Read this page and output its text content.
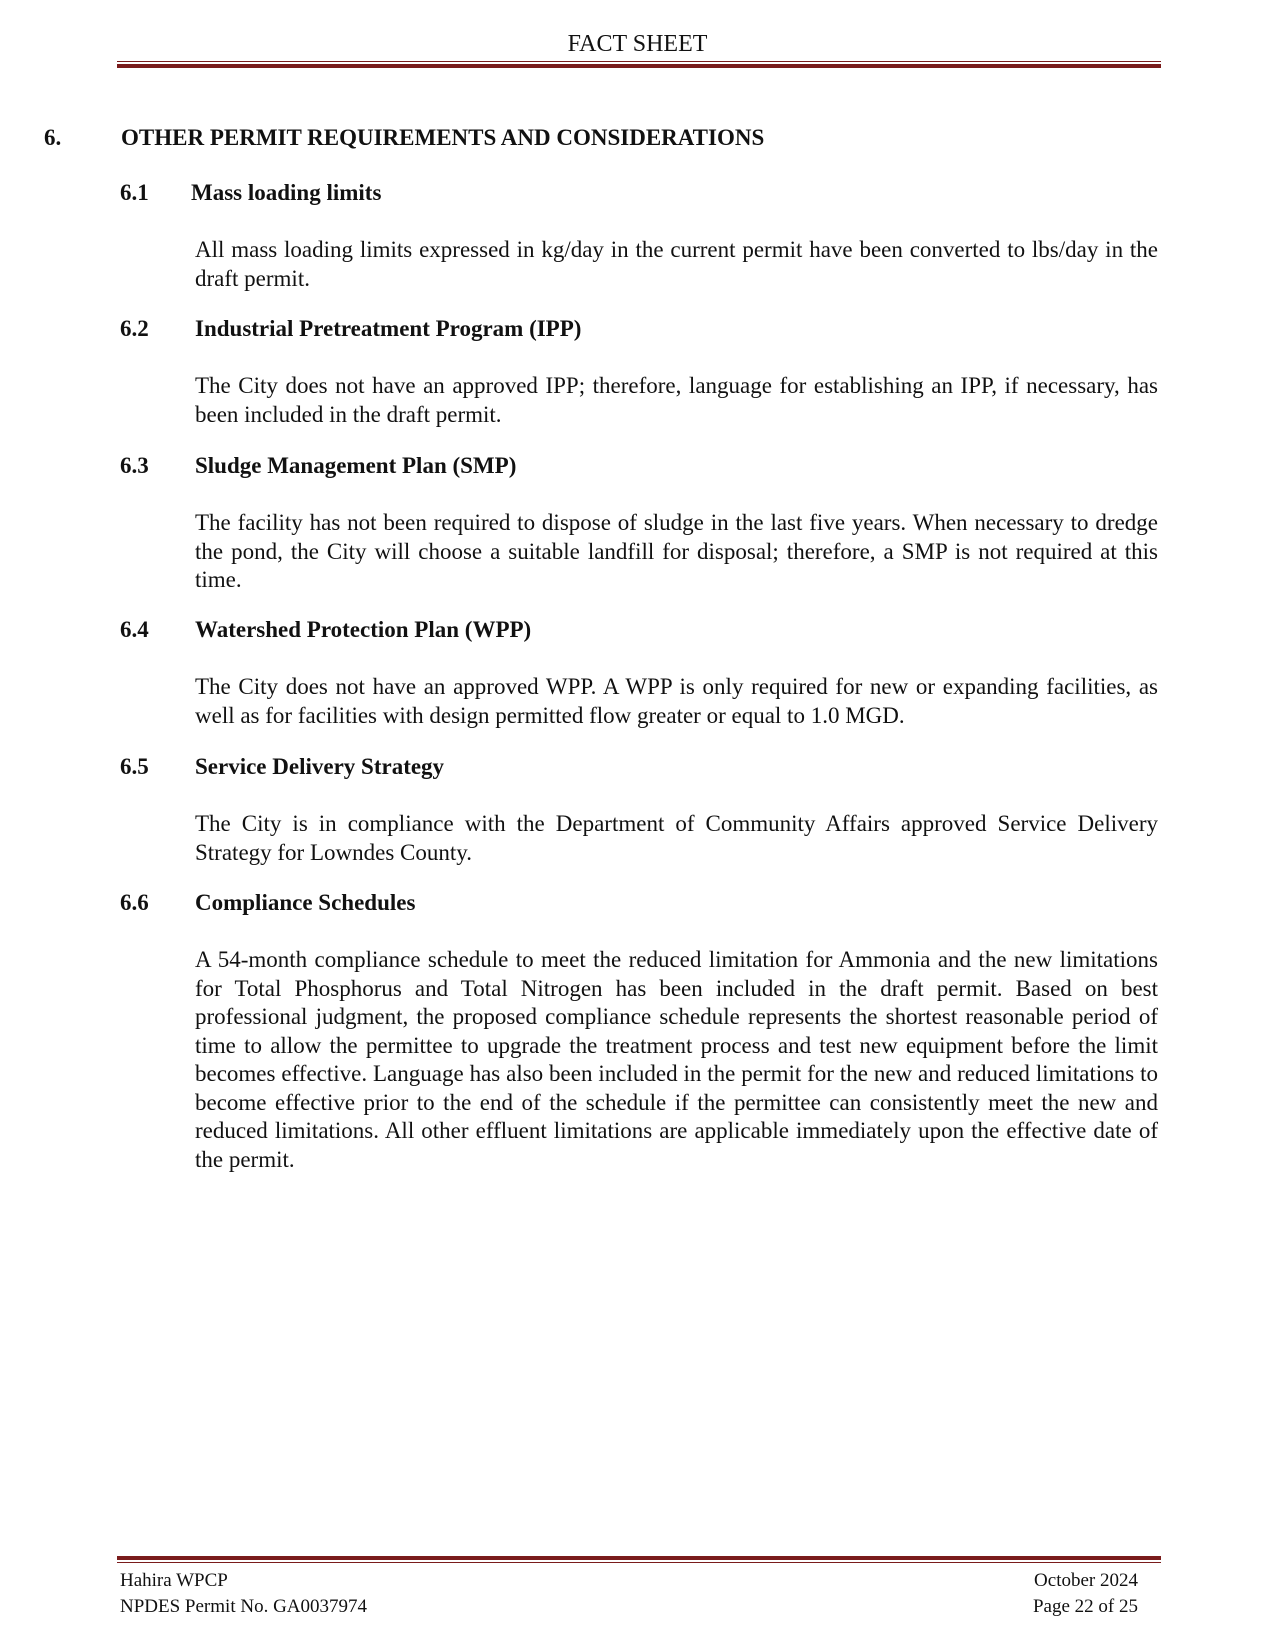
FACT SHEET
6.	OTHER PERMIT REQUIREMENTS AND CONSIDERATIONS
6.1 Mass loading limits

All mass loading limits expressed in kg/day in the current permit have been converted to lbs/day in the draft permit.

6.2 Industrial Pretreatment Program (IPP)

The City does not have an approved IPP; therefore, language for establishing an IPP, if necessary, has been included in the draft permit.

6.3 Sludge Management Plan (SMP)

The facility has not been required to dispose of sludge in the last five years. When necessary to dredge the pond, the City will choose a suitable landfill for disposal; therefore, a SMP is not required at this time.

6.4 Watershed Protection Plan (WPP)

The City does not have an approved WPP. A WPP is only required for new or expanding facilities, as well as for facilities with design permitted flow greater or equal to 1.0 MGD.

6.5 Service Delivery Strategy

The City is in compliance with the Department of Community Affairs approved Service Delivery Strategy for Lowndes County.

6.6 Compliance Schedules

A 54-month compliance schedule to meet the reduced limitation for Ammonia and the new limitations for Total Phosphorus and Total Nitrogen has been included in the draft permit. Based on best professional judgment, the proposed compliance schedule represents the shortest reasonable period of time to allow the permittee to upgrade the treatment process and test new equipment before the limit becomes effective. Language has also been included in the permit for the new and reduced limitations to become effective prior to the end of the schedule if the permittee can consistently meet the new and reduced limitations. All other effluent limitations are applicable immediately upon the effective date of the permit.

Hahira WPCP	October 2024
NPDES Permit No. GA0037974	Page 22 of 25
